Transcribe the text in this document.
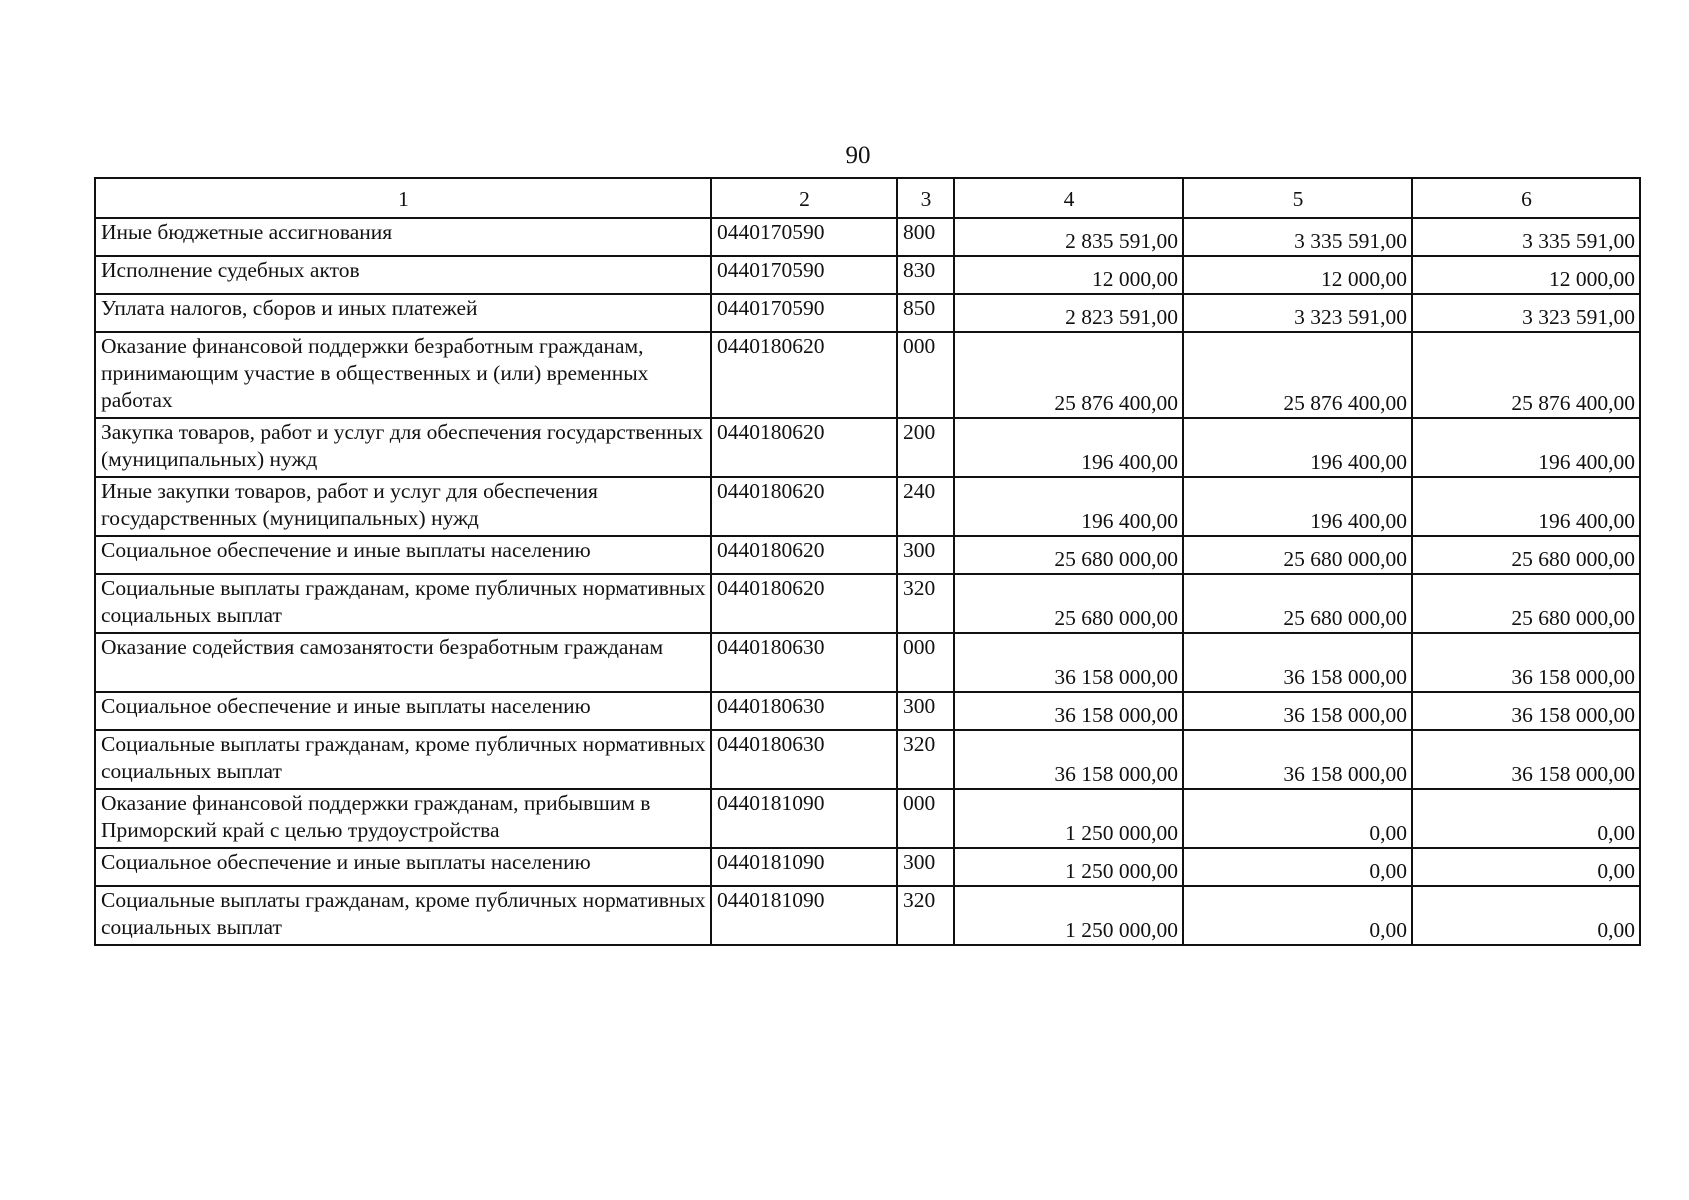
90
1	2	3	4	5	6
Иные бюджетные ассигнования	0440170590	800	2 835 591,00	3 335 591,00	3 335 591,00
Исполнение судебных актов	0440170590	830	12 000,00	12 000,00	12 000,00
Уплата налогов, сборов и иных платежей	0440170590	850	2 823 591,00	3 323 591,00	3 323 591,00
Оказание финансовой поддержки безработным гражданам, принимающим участие в общественных и (или) временных работах	0440180620	000	25 876 400,00	25 876 400,00	25 876 400,00
Закупка товаров, работ и услуг для обеспечения государственных (муниципальных) нужд	0440180620	200	196 400,00	196 400,00	196 400,00
Иные закупки товаров, работ и услуг для обеспечения государственных (муниципальных) нужд	0440180620	240	196 400,00	196 400,00	196 400,00
Социальное обеспечение и иные выплаты населению	0440180620	300	25 680 000,00	25 680 000,00	25 680 000,00
Социальные выплаты гражданам, кроме публичных нормативных социальных выплат	0440180620	320	25 680 000,00	25 680 000,00	25 680 000,00
Оказание содействия самозанятости безработным гражданам	0440180630	000	36 158 000,00	36 158 000,00	36 158 000,00
Социальное обеспечение и иные выплаты населению	0440180630	300	36 158 000,00	36 158 000,00	36 158 000,00
Социальные выплаты гражданам, кроме публичных нормативных социальных выплат	0440180630	320	36 158 000,00	36 158 000,00	36 158 000,00
Оказание финансовой поддержки гражданам, прибывшим в Приморский край с целью трудоустройства	0440181090	000	1 250 000,00	0,00	0,00
Социальное обеспечение и иные выплаты населению	0440181090	300	1 250 000,00	0,00	0,00
Социальные выплаты гражданам, кроме публичных нормативных социальных выплат	0440181090	320	1 250 000,00	0,00	0,00
